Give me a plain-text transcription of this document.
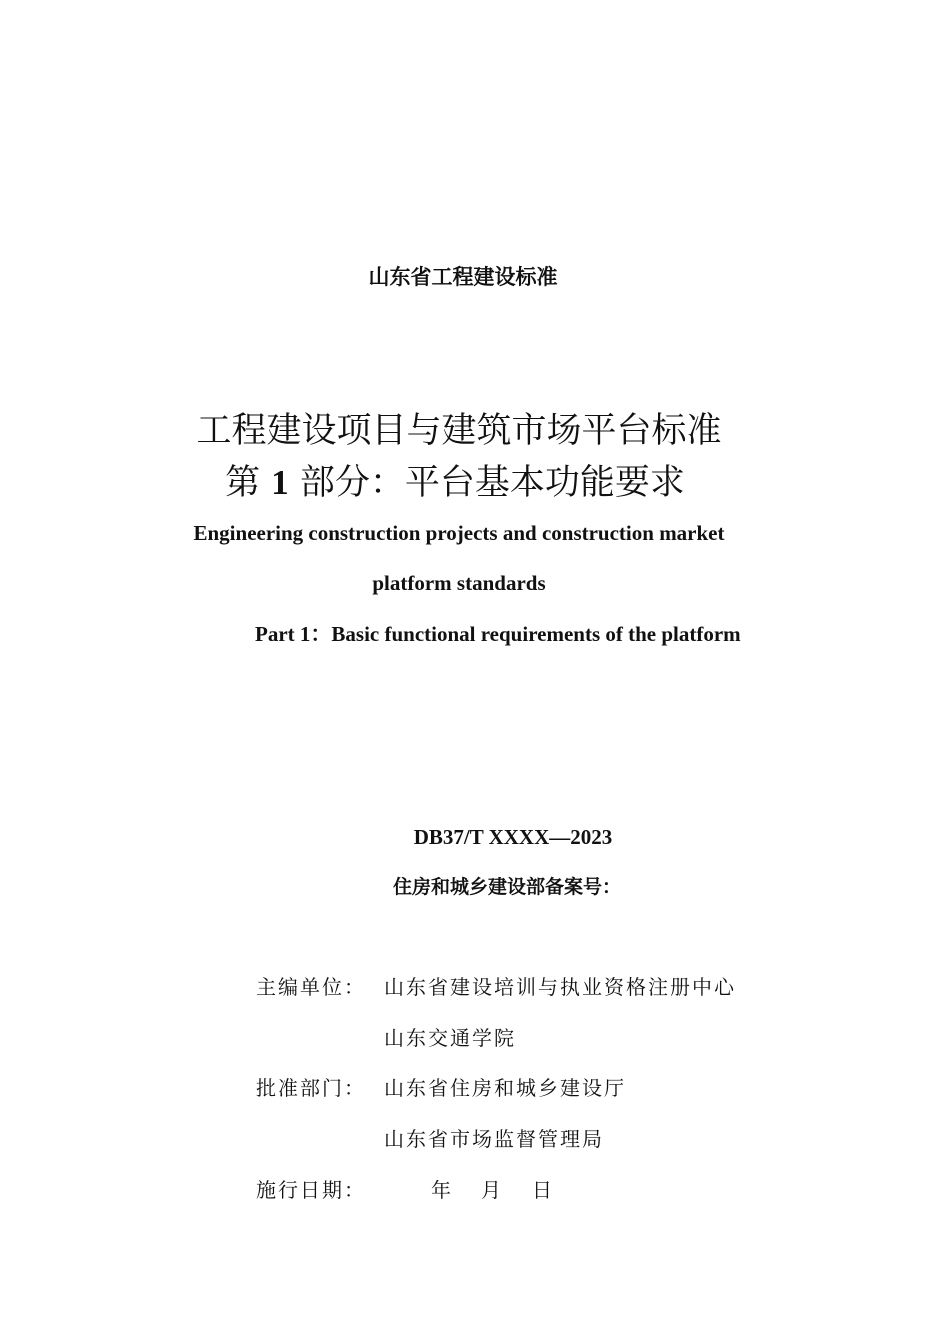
山东省工程建设标准
工程建设项目与建筑市场平台标准
第 1 部分：平台基本功能要求
Engineering construction projects and construction market
platform standards
Part 1：Basic functional requirements of the platform
DB37/T XXXX—2023
住房和城乡建设部备案号：
主编单位： 山东省建设培训与执业资格注册中心
山东交通学院
批准部门： 山东省住房和城乡建设厅
山东省市场监督管理局
施行日期：	年 月 日
